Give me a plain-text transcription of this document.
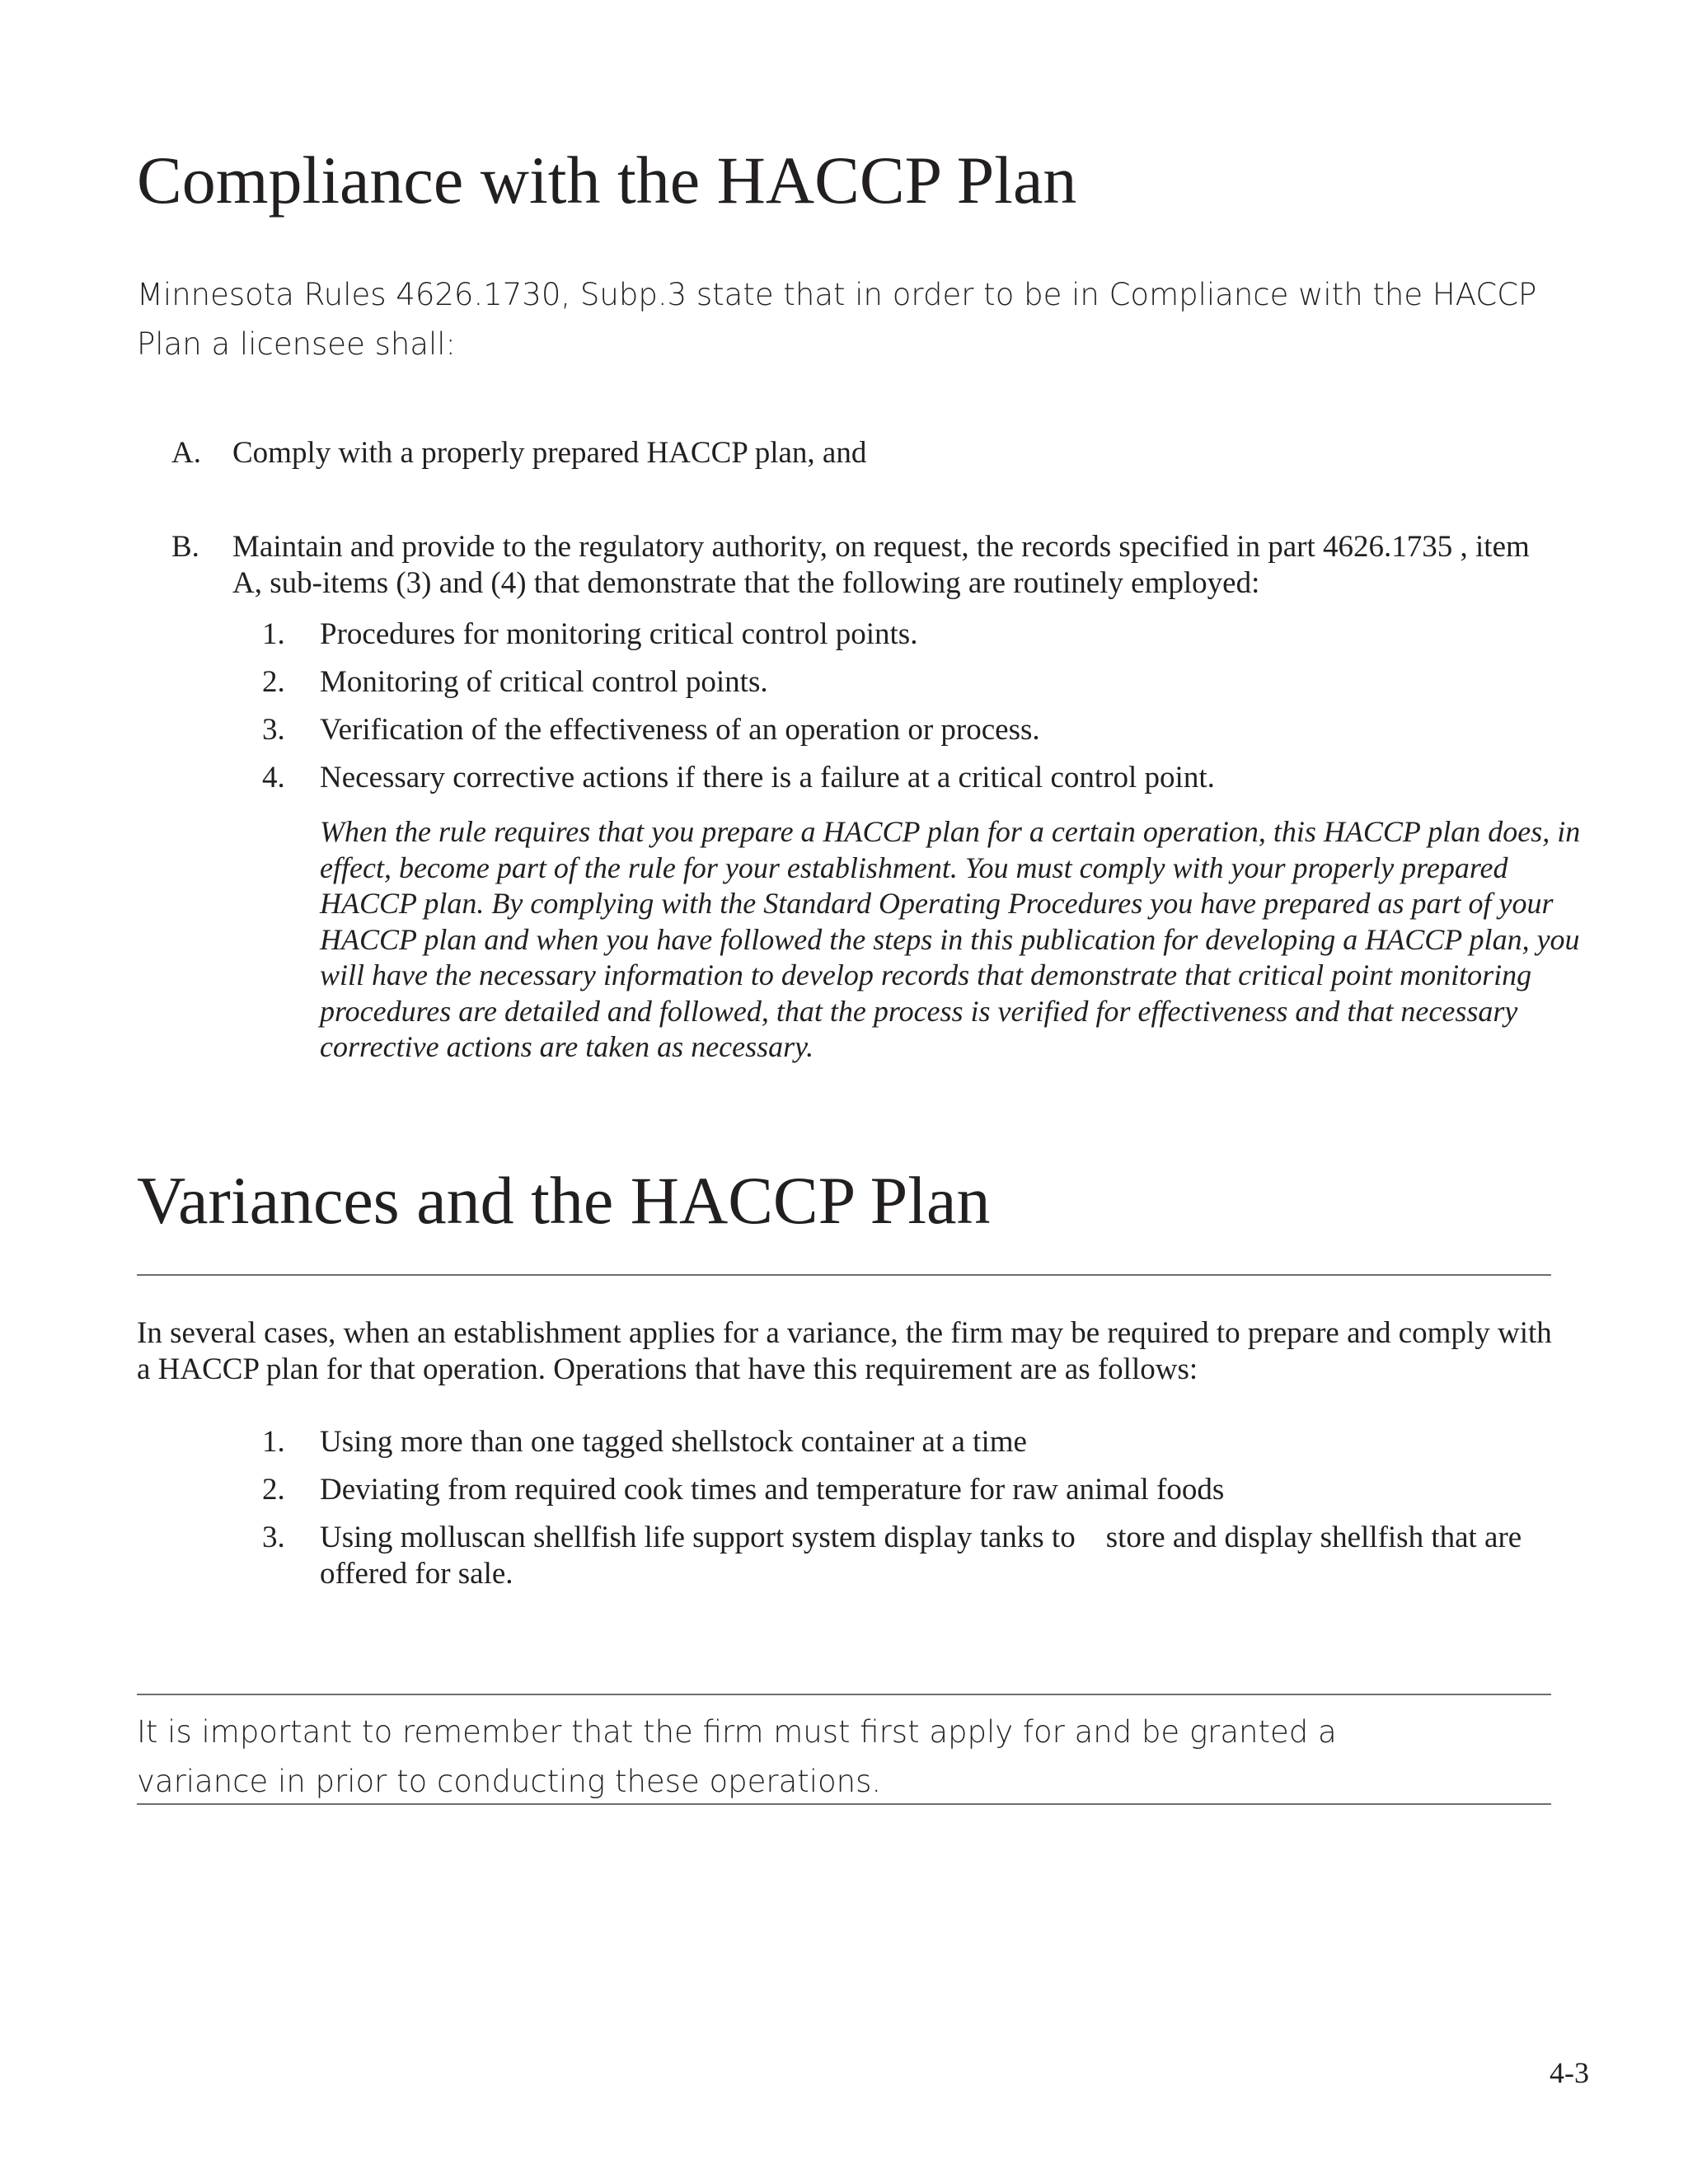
Compliance with the HACCP Plan

Minnesota Rules 4626.1730, Subp.3 state that in order to be in Compliance with the HACCP Plan a licensee shall:

A.	Comply with a properly prepared HACCP plan, and
B.	Maintain and provide to the regulatory authority, on request, the records specified in part 4626.1735 , item A, sub-items (3) and (4) that demonstrate that the following are routinely employed:
1.	Procedures for monitoring critical control points.
2.	Monitoring of critical control points.
3.	Verification of the effectiveness of an operation or process.
4.	Necessary corrective actions if there is a failure at a critical control point.

When the rule requires that you prepare a HACCP plan for a certain operation, this HACCP plan does, in effect, become part of the rule for your establishment. You must comply with your properly prepared HACCP plan. By complying with the Standard Operating Procedures you have prepared as part of your HACCP plan and when you have followed the steps in this publication for developing a HACCP plan, you will have the necessary information to develop records that demonstrate that critical point monitoring procedures are detailed and followed, that the process is verified for effectiveness and that necessary corrective actions are taken as necessary.

Variances and the HACCP Plan

In several cases, when an establishment applies for a variance, the firm may be required to prepare and comply with a HACCP plan for that operation. Operations that have this requirement are as follows:

1.	Using more than one tagged shellstock container at a time
2.	Deviating from required cook times and temperature for raw animal foods
3.	Using molluscan shellfish life support system display tanks to    store and display shellfish that are offered for sale.

It is important to remember that the firm must first apply for and be granted a variance in prior to conducting these operations.

4-3
